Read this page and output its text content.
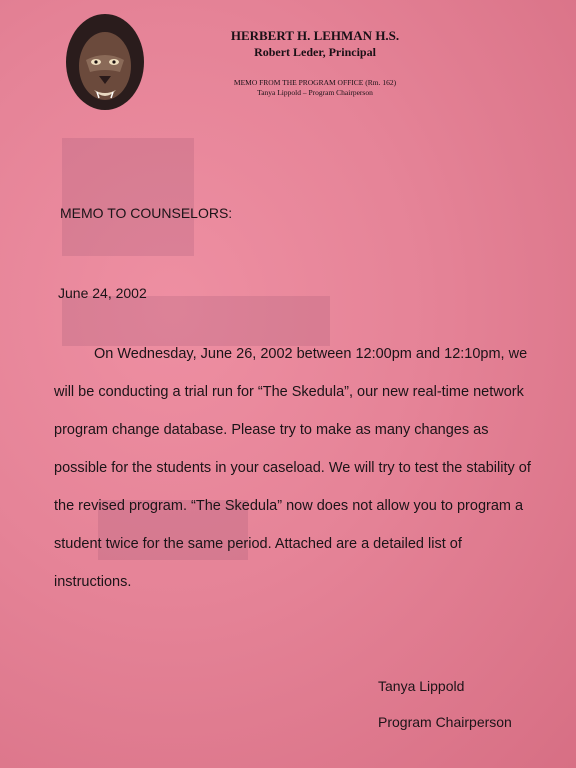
HERBERT H. LEHMAN H.S.
Robert Leder, Principal
MEMO FROM THE PROGRAM OFFICE (Rm. 162)
Tanya Lippold – Program Chairperson
MEMO TO COUNSELORS:
June 24, 2002
On Wednesday, June 26, 2002 between 12:00pm and 12:10pm, we will be conducting a trial run for “The Skedula”, our new real-time network program change database. Please try to make as many changes as possible for the students in your caseload. We will try to test the stability of the revised program. “The Skedula” now does not allow you to program a student twice for the same period. Attached are a detailed list of instructions.
Tanya Lippold
Program Chairperson
